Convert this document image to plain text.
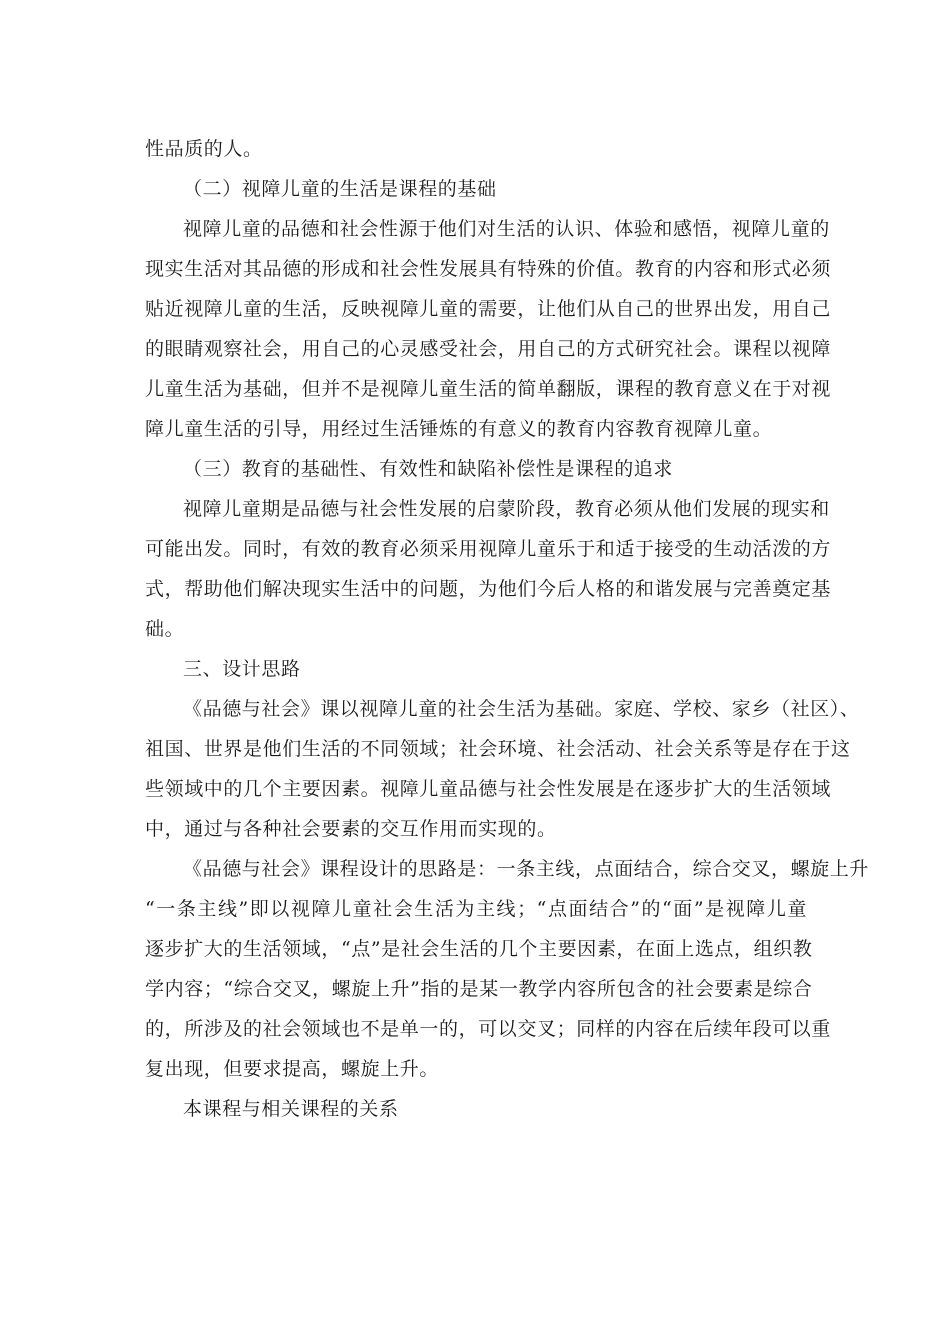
性品质的人。
（二）视障儿童的生活是课程的基础
视障儿童的品德和社会性源于他们对生活的认识、体验和感悟，视障儿童的
现实生活对其品德的形成和社会性发展具有特殊的价值。教育的内容和形式必须
贴近视障儿童的生活，反映视障儿童的需要，让他们从自己的世界出发，用自己
的眼睛观察社会，用自己的心灵感受社会，用自己的方式研究社会。课程以视障
儿童生活为基础，但并不是视障儿童生活的简单翻版，课程的教育意义在于对视
障儿童生活的引导，用经过生活锤炼的有意义的教育内容教育视障儿童。
（三）教育的基础性、有效性和缺陷补偿性是课程的追求
视障儿童期是品德与社会性发展的启蒙阶段，教育必须从他们发展的现实和
可能出发。同时，有效的教育必须采用视障儿童乐于和适于接受的生动活泼的方
式，帮助他们解决现实生活中的问题，为他们今后人格的和谐发展与完善奠定基
础。
三、设计思路
《品德与社会》课以视障儿童的社会生活为基础。家庭、学校、家乡（社区）、
祖国、世界是他们生活的不同领域；社会环境、社会活动、社会关系等是存在于这
些领域中的几个主要因素。视障儿童品德与社会性发展是在逐步扩大的生活领域
中，通过与各种社会要素的交互作用而实现的。
《品德与社会》课程设计的思路是：一条主线，点面结合，综合交叉，螺旋上升
“一条主线”即以视障儿童社会生活为主线；“点面结合”的“面”是视障儿童
逐步扩大的生活领域，“点”是社会生活的几个主要因素，在面上选点，组织教
学内容；“综合交叉，螺旋上升”指的是某一教学内容所包含的社会要素是综合
的，所涉及的社会领域也不是单一的，可以交叉；同样的内容在后续年段可以重
复出现，但要求提高，螺旋上升。
本课程与相关课程的关系
